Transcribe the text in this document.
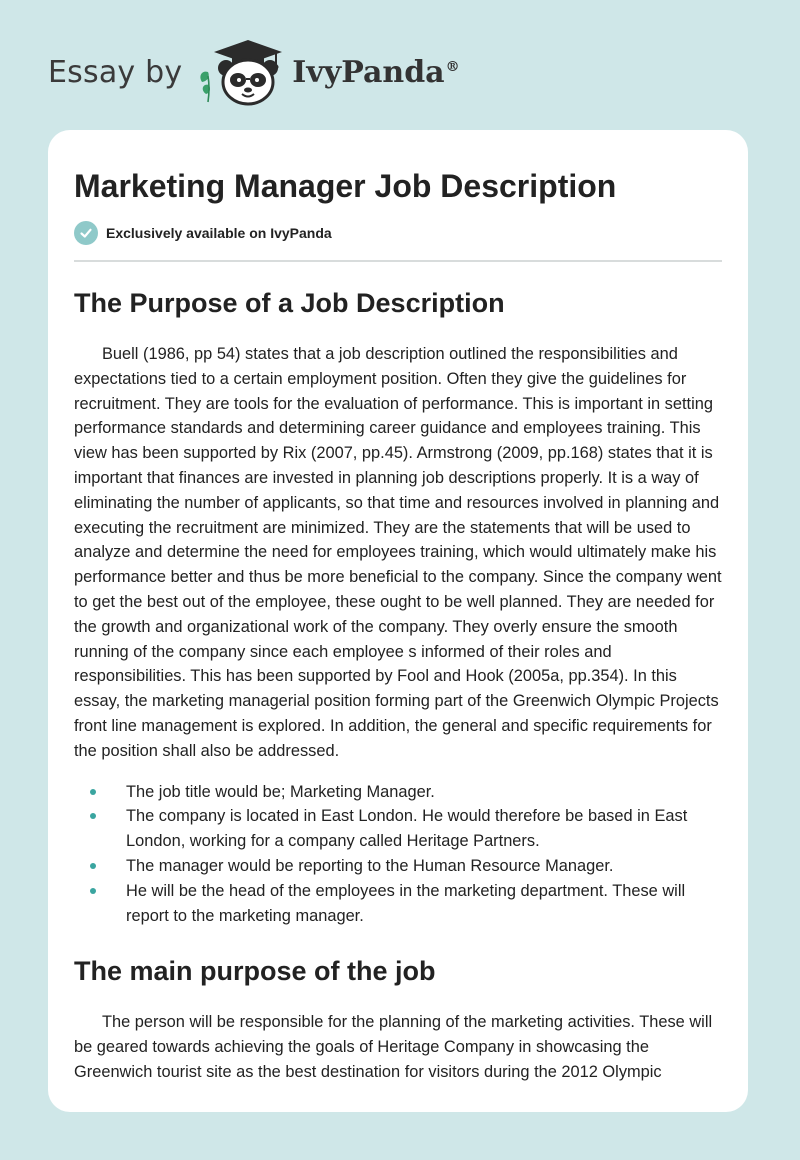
Essay by	IvyPanda®
Marketing Manager Job Description
Exclusively available on IvyPanda
The Purpose of a Job Description

Buell (1986, pp 54) states that a job description outlined the responsibilities and expectations tied to a certain employment position. Often they give the guidelines for recruitment. They are tools for the evaluation of performance. This is important in setting performance standards and determining career guidance and employees training. This view has been supported by Rix (2007, pp.45). Armstrong (2009, pp.168) states that it is important that finances are invested in planning job descriptions properly. It is a way of eliminating the number of applicants, so that time and resources involved in planning and executing the recruitment are minimized. They are the statements that will be used to analyze and determine the need for employees training, which would ultimately make his performance better and thus be more beneficial to the company. Since the company went to get the best out of the employee, these ought to be well planned. They are needed for the growth and organizational work of the company. They overly ensure the smooth running of the company since each employee s informed of their roles and responsibilities. This has been supported by Fool and Hook (2005a, pp.354). In this essay, the marketing managerial position forming part of the Greenwich Olympic Projects front line management is explored. In addition, the general and specific requirements for the position shall also be addressed.

The job title would be; Marketing Manager.
The company is located in East London. He would therefore be based in East London, working for a company called Heritage Partners.
The manager would be reporting to the Human Resource Manager.
He will be the head of the employees in the marketing department. These will report to the marketing manager.
The main purpose of the job

The person will be responsible for the planning of the marketing activities. These will be geared towards achieving the goals of Heritage Company in showcasing the Greenwich tourist site as the best destination for visitors during the 2012 Olympic
